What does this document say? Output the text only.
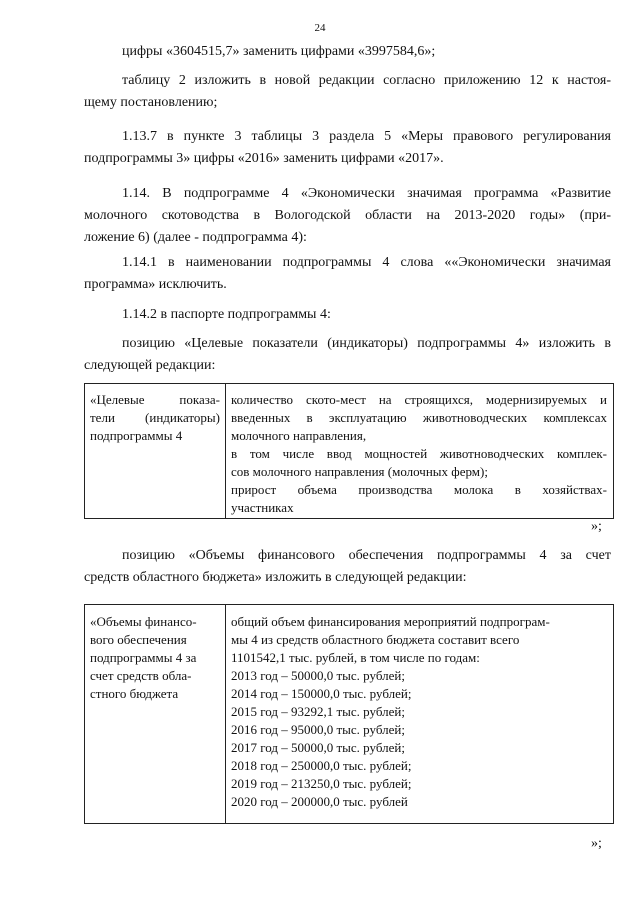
24
цифры «3604515,7» заменить цифрами «3997584,6»;
таблицу 2 изложить в новой редакции согласно приложению 12 к настоя-
щему постановлению;
1.13.7 в пункте 3 таблицы 3 раздела 5 «Меры правового регулирования
подпрограммы 3» цифры «2016» заменить цифрами «2017».
1.14. В подпрограмме 4 «Экономически значимая программа «Развитие
молочного скотоводства в Вологодской области на 2013-2020 годы» (при-
ложение 6) (далее - подпрограмма 4):
1.14.1 в наименовании подпрограммы 4 слова ««Экономически значимая
программа» исключить.
1.14.2 в паспорте подпрограммы 4:
позицию «Целевые показатели (индикаторы) подпрограммы 4» изложить в
следующей редакции:
«Целевые показа-
тели (индикаторы)
подпрограммы 4
количество ското-мест на строящихся, модернизируемых и
введенных в эксплуатацию животноводческих комплексах
молочного направления,
в том числе ввод мощностей животноводческих комплек-
сов молочного направления (молочных ферм);
прирост объема производства молока в хозяйствах-
участниках
»;
позицию «Объемы финансового обеспечения подпрограммы 4 за счет
средств областного бюджета» изложить в следующей редакции:
«Объемы финансо-
вого обеспечения
подпрограммы 4 за
счет средств обла-
стного бюджета
общий объем финансирования мероприятий подпрограм-
мы 4 из средств областного бюджета составит всего
1101542,1 тыс. рублей, в том числе по годам:
2013 год – 50000,0 тыс. рублей;
2014 год – 150000,0 тыс. рублей;
2015 год – 93292,1 тыс. рублей;
2016 год – 95000,0 тыс. рублей;
2017 год – 50000,0 тыс. рублей;
2018 год – 250000,0 тыс. рублей;
2019 год – 213250,0 тыс. рублей;
2020 год – 200000,0 тыс. рублей
»;
